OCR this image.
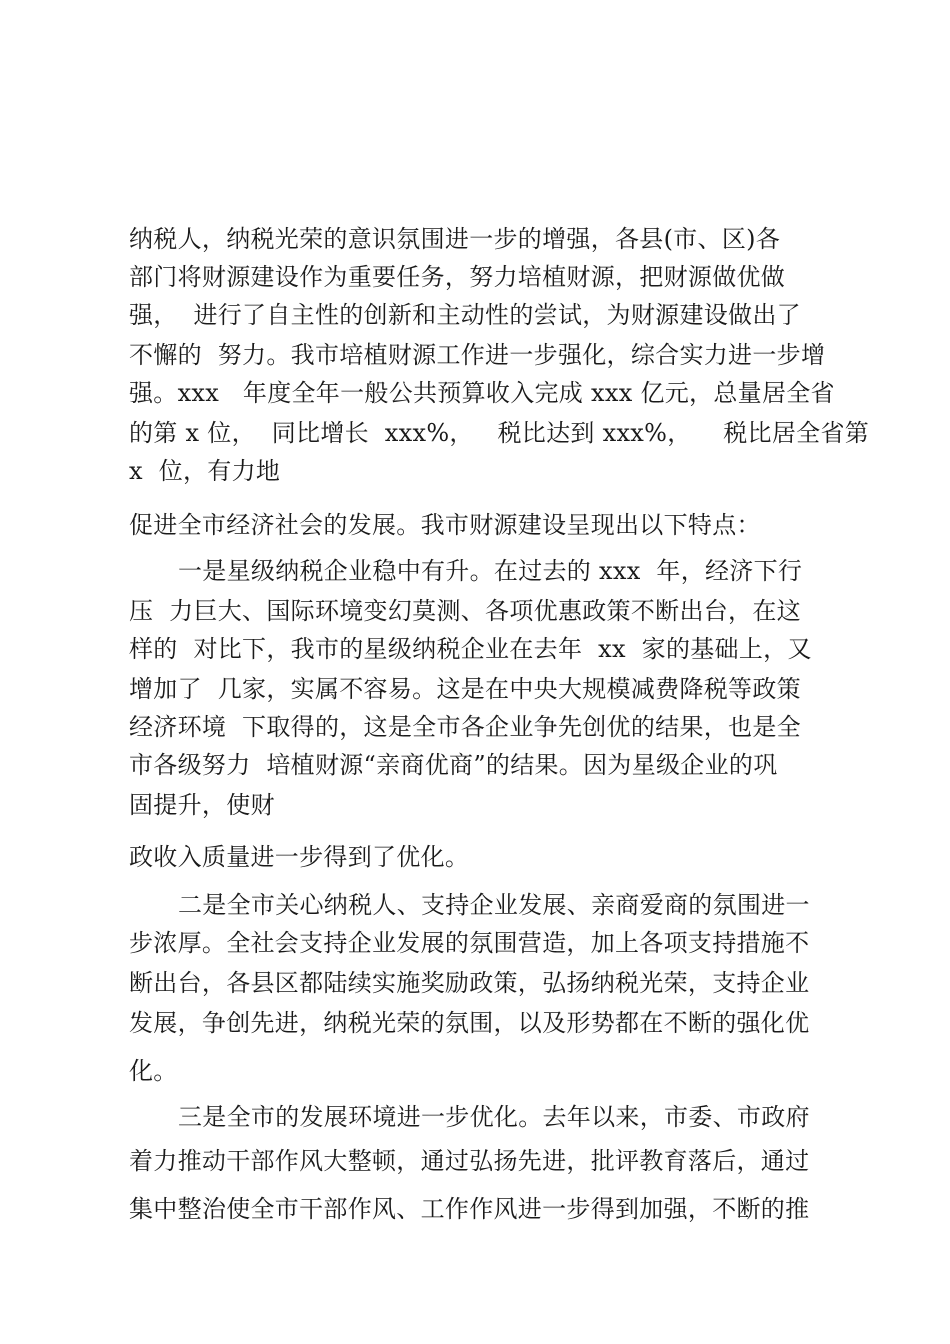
纳税人，纳税光荣的意识氛围进一步的增强，各县(市、区)各
部门将财源建设作为重要任务，努力培植财源，把财源做优做
强，  进行了自主性的创新和主动性的尝试，为财源建设做出了
不懈的  努力。我市培植财源工作进一步强化，综合实力进一步增
强。xxx   年度全年一般公共预算收入完成 xxx 亿元，总量居全省
的第 x 位，  同比增长  xxx%，   税比达到 xxx%，    税比居全省第
x  位，有力地
促进全市经济社会的发展。我市财源建设呈现出以下特点：
一是星级纳税企业稳中有升。在过去的 xxx  年，经济下行
压  力巨大、国际环境变幻莫测、各项优惠政策不断出台，在这
样的  对比下，我市的星级纳税企业在去年  xx  家的基础上，又
增加了  几家，实属不容易。这是在中央大规模减费降税等政策
经济环境  下取得的，这是全市各企业争先创优的结果，也是全
市各级努力  培植财源“亲商优商”的结果。因为星级企业的巩
固提升，使财
政收入质量进一步得到了优化。
二是全市关心纳税人、支持企业发展、亲商爱商的氛围进一
步浓厚。全社会支持企业发展的氛围营造，加上各项支持措施不
断出台，各县区都陆续实施奖励政策，弘扬纳税光荣，支持企业
发展，争创先进，纳税光荣的氛围，以及形势都在不断的强化优
化。
三是全市的发展环境进一步优化。去年以来，市委、市政府
着力推动干部作风大整顿，通过弘扬先进，批评教育落后，通过
集中整治使全市干部作风、工作作风进一步得到加强，不断的推
